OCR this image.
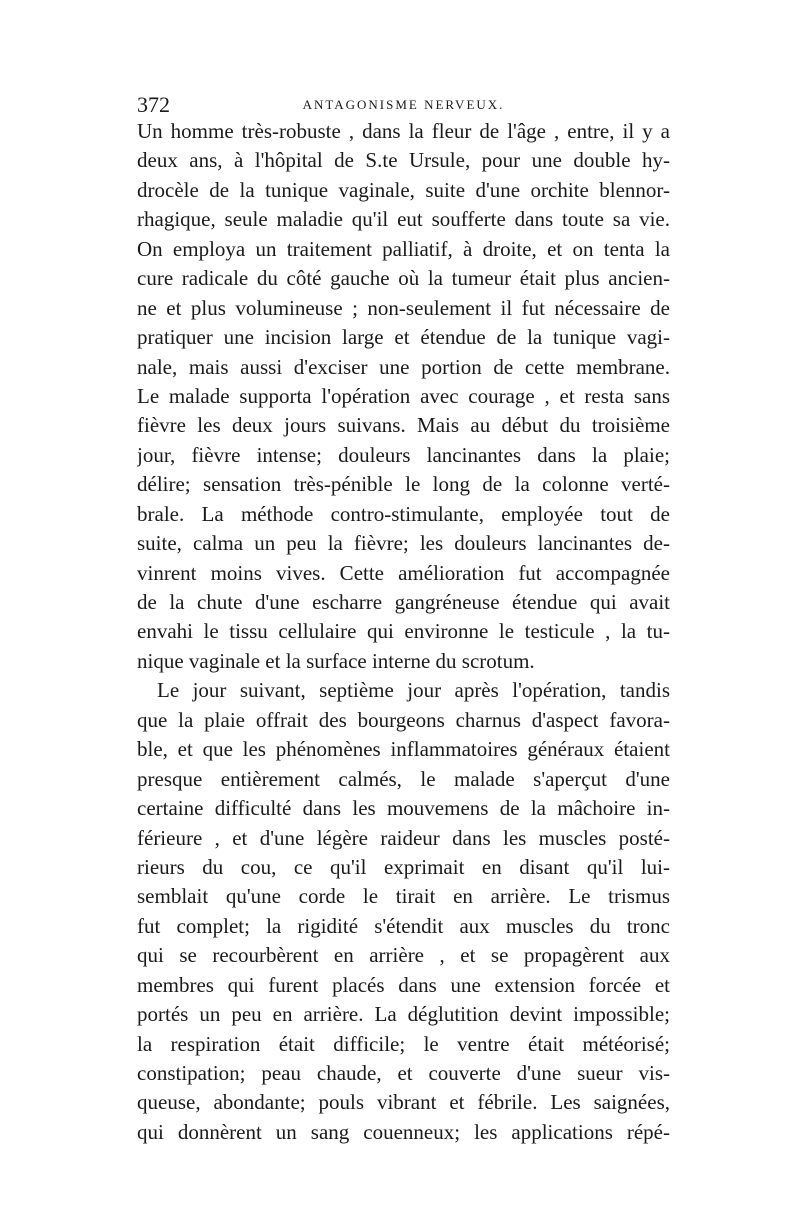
372	ANTAGONISME NERVEUX.
Un homme très-robuste , dans la fleur de l'âge , entre, il y a
deux ans, à l'hôpital de S.te Ursule, pour une double hy-
drocèle de la tunique vaginale, suite d'une orchite blennor-
rhagique, seule maladie qu'il eut soufferte dans toute sa vie.
On employa un traitement palliatif, à droite, et on tenta la
cure radicale du côté gauche où la tumeur était plus ancien-
ne et plus volumineuse ; non-seulement il fut nécessaire de
pratiquer une incision large et étendue de la tunique vagi-
nale, mais aussi d'exciser une portion de cette membrane.
Le malade supporta l'opération avec courage , et resta sans
fièvre les deux jours suivans. Mais au début du troisième
jour, fièvre intense; douleurs lancinantes dans la plaie;
délire; sensation très-pénible le long de la colonne verté-
brale. La méthode contro-stimulante, employée tout de
suite, calma un peu la fièvre; les douleurs lancinantes de-
vinrent moins vives. Cette amélioration fut accompagnée
de la chute d'une escharre gangréneuse étendue qui avait
envahi le tissu cellulaire qui environne le testicule , la tu-
nique vaginale et la surface interne du scrotum.
Le jour suivant, septième jour après l'opération, tandis
que la plaie offrait des bourgeons charnus d'aspect favora-
ble, et que les phénomènes inflammatoires généraux étaient
presque entièrement calmés, le malade s'aperçut d'une
certaine difficulté dans les mouvemens de la mâchoire in-
férieure , et d'une légère raideur dans les muscles posté-
rieurs du cou, ce qu'il exprimait en disant qu'il lui-
semblait qu'une corde le tirait en arrière. Le trismus
fut complet; la rigidité s'étendit aux muscles du tronc
qui se recourbèrent en arrière , et se propagèrent aux
membres qui furent placés dans une extension forcée et
portés un peu en arrière. La déglutition devint impossible;
la respiration était difficile; le ventre était météorisé;
constipation; peau chaude, et couverte d'une sueur vis-
queuse, abondante; pouls vibrant et fébrile. Les saignées,
qui donnèrent un sang couenneux; les applications répé-
